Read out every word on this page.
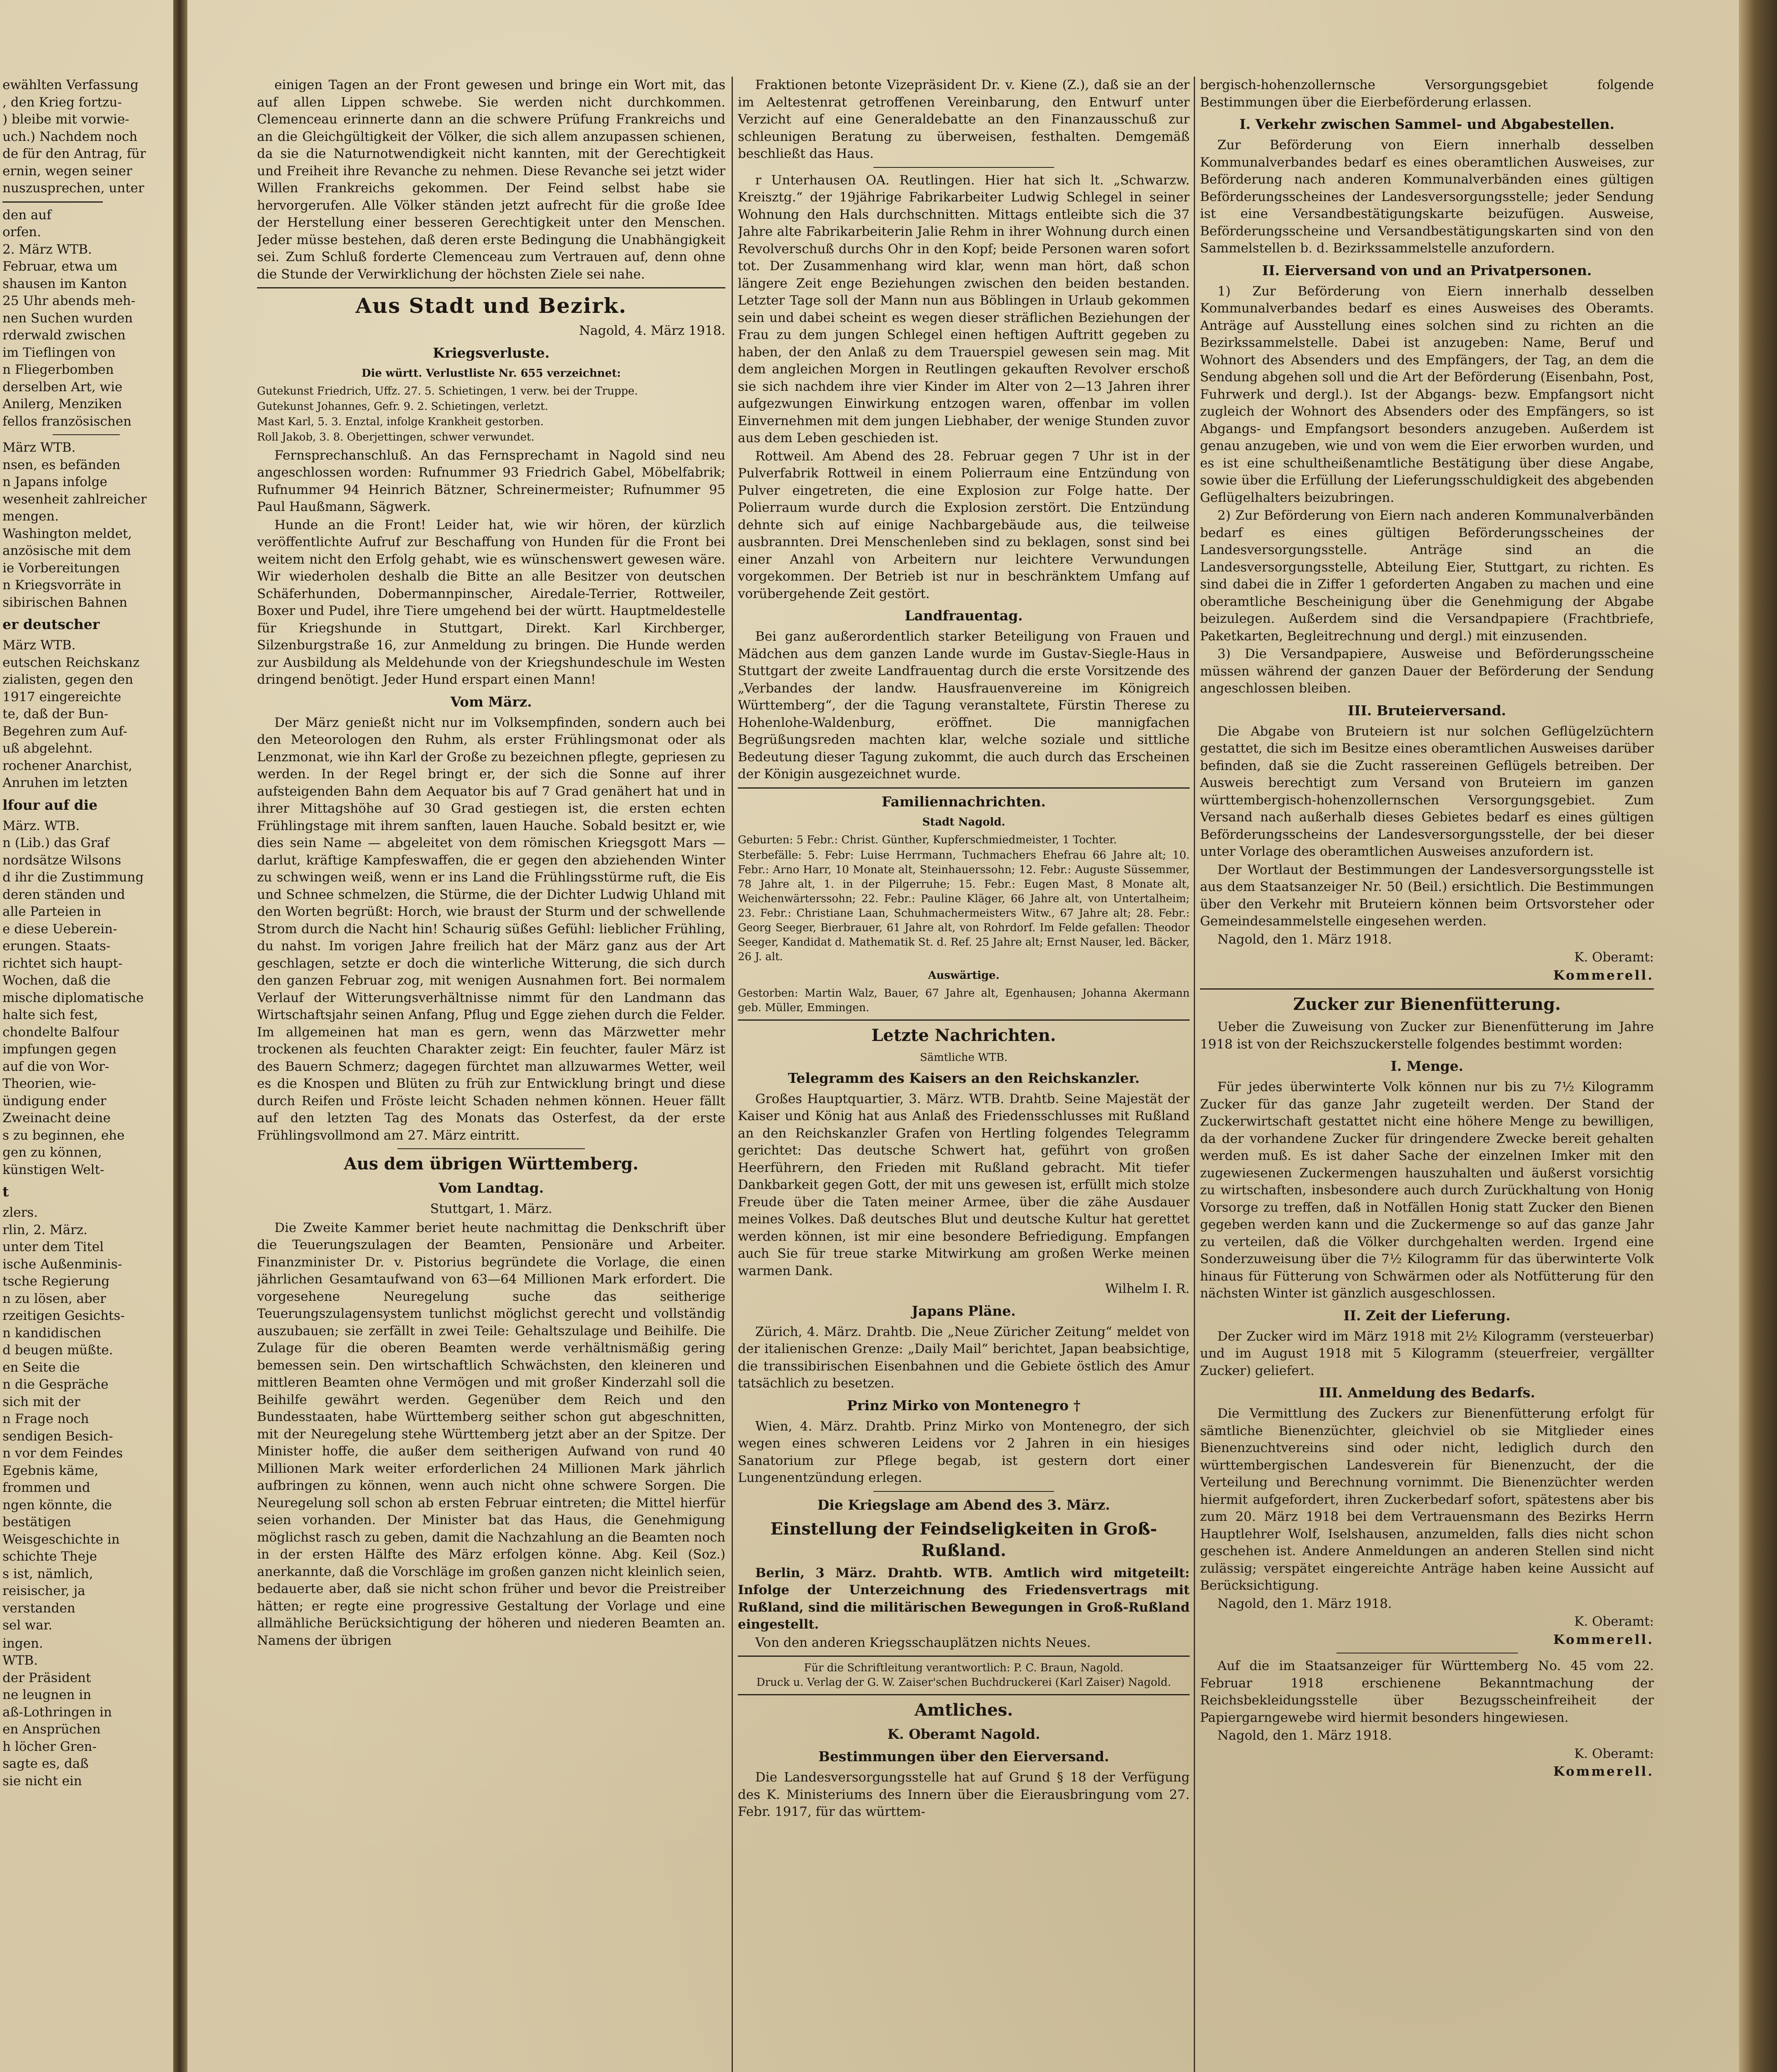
ewählten Verfassung
, den Krieg fortzu-
) bleibe mit vorwie-
uch.) Nachdem noch
de für den Antrag, für
ernin, wegen seiner
nuszusprechen, unter

den auf
orfen.
2. März WTB.
Februar, etwa um
shausen im Kanton
25 Uhr abends meh-
nen Suchen wurden
rderwald zwischen
im Tieflingen von
n Fliegerbomben
derselben Art, wie
Anilerg, Menziken
fellos französischen

März WTB.
nsen, es befänden
n Japans infolge
wesenheit zahlreicher
mengen.
Washington meldet,
anzösische mit dem
ie Vorbereitungen
n Kriegsvorräte in
sibirischen Bahnen

er deutscher

März WTB.
eutschen Reichskanz
zialisten, gegen den
1917 eingereichte
te, daß der Bun-
Begehren zum Auf-
uß abgelehnt.
rochener Anarchist,
Anruhen im letzten

lfour auf die

März. WTB.
n (Lib.) das Graf
nordsätze Wilsons
d ihr die Zustimmung
deren ständen und
alle Parteien in
e diese Ueberein-
erungen. Staats-
richtet sich haupt-
Wochen, daß die
mische diplomatische
halte sich fest,
chondelte Balfour
impfungen gegen
auf die von Wor-
Theorien, wie-
ündigung ender
Zweinacht deine
s zu beginnen, ehe
gen zu können,
künstigen Welt-

t

zlers.
rlin, 2. März.
unter dem Titel
ische Außenminis-
tsche Regierung
n zu lösen, aber
rzeitigen Gesichts-
n kandidischen
d beugen müßte.
en Seite die
n die Gespräche
sich mit der
n Frage noch
sendigen Besich-
n vor dem Feindes
Egebnis käme,
frommen und
ngen könnte, die
bestätigen
Weisgeschichte in
schichte Theje
s ist, nämlich,
reisischer, ja
verstanden
sel war.

ingen.
WTB.
der Präsident
ne leugnen in
aß-Lothringen in
en Ansprüchen
h löcher Gren-
sagte es, daß
sie nicht ein

einigen Tagen an der Front gewesen und bringe ein Wort mit, das auf allen Lippen schwebe. Sie werden nicht durchkommen. Clemenceau erinnerte dann an die schwere Prüfung Frankreichs und an die Gleichgültigkeit der Völker, die sich allem anzupassen schienen, da sie die Naturnotwendigkeit nicht kannten, mit der Gerechtigkeit und Freiheit ihre Revanche zu nehmen. Diese Revanche sei jetzt wider Willen Frankreichs gekommen. Der Feind selbst habe sie hervorgerufen. Alle Völker ständen jetzt aufrecht für die große Idee der Herstellung einer besseren Gerechtigkeit unter den Menschen. Jeder müsse bestehen, daß deren erste Bedingung die Unabhängigkeit sei. Zum Schluß forderte Clemenceau zum Vertrauen auf, denn ohne die Stunde der Verwirklichung der höchsten Ziele sei nahe.

Aus Stadt und Bezirk.

Nagold, 4. März 1918.

Kriegsverluste.

Die württ. Verlustliste Nr. 655 verzeichnet:

Gutekunst Friedrich, Uffz. 27. 5. Schietingen, 1 verw. bei der Truppe.

Gutekunst Johannes, Gefr. 9. 2. Schietingen, verletzt.

Mast Karl, 5. 3. Enztal, infolge Krankheit gestorben.

Roll Jakob, 3. 8. Oberjettingen, schwer verwundet.

Fernsprechanschluß. An das Fernsprechamt in Nagold sind neu angeschlossen worden: Rufnummer 93 Friedrich Gabel, Möbelfabrik; Rufnummer 94 Heinrich Bätzner, Schreinermeister; Rufnummer 95 Paul Haußmann, Sägwerk.

Hunde an die Front! Leider hat, wie wir hören, der kürzlich veröffentlichte Aufruf zur Beschaffung von Hunden für die Front bei weitem nicht den Erfolg gehabt, wie es wünschenswert gewesen wäre. Wir wiederholen deshalb die Bitte an alle Besitzer von deutschen Schäferhunden, Dobermannpinscher, Airedale-Terrier, Rottweiler, Boxer und Pudel, ihre Tiere umgehend bei der württ. Hauptmeldestelle für Kriegshunde in Stuttgart, Direkt. Karl Kirchberger, Silzenburgstraße 16, zur Anmeldung zu bringen. Die Hunde werden zur Ausbildung als Meldehunde von der Kriegshundeschule im Westen dringend benötigt. Jeder Hund erspart einen Mann!

Vom März.

Der März genießt nicht nur im Volksempfinden, sondern auch bei den Meteorologen den Ruhm, als erster Frühlingsmonat oder als Lenzmonat, wie ihn Karl der Große zu bezeichnen pflegte, gepriesen zu werden. In der Regel bringt er, der sich die Sonne auf ihrer aufsteigenden Bahn dem Aequator bis auf 7 Grad genähert hat und in ihrer Mittagshöhe auf 30 Grad gestiegen ist, die ersten echten Frühlingstage mit ihrem sanften, lauen Hauche. Sobald besitzt er, wie dies sein Name — abgeleitet von dem römischen Kriegsgott Mars — darlut, kräftige Kampfeswaffen, die er gegen den abziehenden Winter zu schwingen weiß, wenn er ins Land die Frühlingsstürme ruft, die Eis und Schnee schmelzen, die Stürme, die der Dichter Ludwig Uhland mit den Worten begrüßt: Horch, wie braust der Sturm und der schwellende Strom durch die Nacht hin! Schaurig süßes Gefühl: lieblicher Frühling, du nahst. Im vorigen Jahre freilich hat der März ganz aus der Art geschlagen, setzte er doch die winterliche Witterung, die sich durch den ganzen Februar zog, mit wenigen Ausnahmen fort. Bei normalem Verlauf der Witterungsverhältnisse nimmt für den Landmann das Wirtschaftsjahr seinen Anfang, Pflug und Egge ziehen durch die Felder. Im allgemeinen hat man es gern, wenn das Märzwetter mehr trockenen als feuchten Charakter zeigt: Ein feuchter, fauler März ist des Bauern Schmerz; dagegen fürchtet man allzuwarmes Wetter, weil es die Knospen und Blüten zu früh zur Entwicklung bringt und diese durch Reifen und Fröste leicht Schaden nehmen können. Heuer fällt auf den letzten Tag des Monats das Osterfest, da der erste Frühlingsvollmond am 27. März eintritt.

Aus dem übrigen Württemberg.

Vom Landtag.

Stuttgart, 1. März.

Die Zweite Kammer beriet heute nachmittag die Denkschrift über die Teuerungszulagen der Beamten, Pensionäre und Arbeiter. Finanzminister Dr. v. Pistorius begründete die Vorlage, die einen jährlichen Gesamtaufwand von 63—64 Millionen Mark erfordert. Die vorgesehene Neuregelung suche das seitherige Teuerungszulagensystem tunlichst möglichst gerecht und vollständig auszubauen; sie zerfällt in zwei Teile: Gehaltszulage und Beihilfe. Die Zulage für die oberen Beamten werde verhältnismäßig gering bemessen sein. Den wirtschaftlich Schwächsten, den kleineren und mittleren Beamten ohne Vermögen und mit großer Kinderzahl soll die Beihilfe gewährt werden. Gegenüber dem Reich und den Bundesstaaten, habe Württemberg seither schon gut abgeschnitten, mit der Neuregelung stehe Württemberg jetzt aber an der Spitze. Der Minister hoffe, die außer dem seitherigen Aufwand von rund 40 Millionen Mark weiter erforderlichen 24 Millionen Mark jährlich aufbringen zu können, wenn auch nicht ohne schwere Sorgen. Die Neuregelung soll schon ab ersten Februar eintreten; die Mittel hierfür seien vorhanden. Der Minister bat das Haus, die Genehmigung möglichst rasch zu geben, damit die Nachzahlung an die Beamten noch in der ersten Hälfte des März erfolgen könne. Abg. Keil (Soz.) anerkannte, daß die Vorschläge im großen ganzen nicht kleinlich seien, bedauerte aber, daß sie nicht schon früher und bevor die Preistreiber hätten; er regte eine progressive Gestaltung der Vorlage und eine allmähliche Berücksichtigung der höheren und niederen Beamten an. Namens der übrigen

Fraktionen betonte Vizepräsident Dr. v. Kiene (Z.), daß sie an der im Aeltestenrat getroffenen Vereinbarung, den Entwurf unter Verzicht auf eine Generaldebatte an den Finanzausschuß zur schleunigen Beratung zu überweisen, festhalten. Demgemäß beschließt das Haus.

r Unterhausen OA. Reutlingen. Hier hat sich lt. „Schwarzw. Kreisztg.“ der 19jährige Fabrikarbeiter Ludwig Schlegel in seiner Wohnung den Hals durchschnitten. Mittags entleibte sich die 37 Jahre alte Fabrikarbeiterin Jalie Rehm in ihrer Wohnung durch einen Revolverschuß durchs Ohr in den Kopf; beide Personen waren sofort tot. Der Zusammenhang wird klar, wenn man hört, daß schon längere Zeit enge Beziehungen zwischen den beiden bestanden. Letzter Tage soll der Mann nun aus Böblingen in Urlaub gekommen sein und dabei scheint es wegen dieser sträflichen Beziehungen der Frau zu dem jungen Schlegel einen heftigen Auftritt gegeben zu haben, der den Anlaß zu dem Trauerspiel gewesen sein mag. Mit dem angleichen Morgen in Reutlingen gekauften Revolver erschoß sie sich nachdem ihre vier Kinder im Alter von 2—13 Jahren ihrer aufgezwungen Einwirkung entzogen waren, offenbar im vollen Einvernehmen mit dem jungen Liebhaber, der wenige Stunden zuvor aus dem Leben geschieden ist.

Rottweil. Am Abend des 28. Februar gegen 7 Uhr ist in der Pulverfabrik Rottweil in einem Polierraum eine Entzündung von Pulver eingetreten, die eine Explosion zur Folge hatte. Der Polierraum wurde durch die Explosion zerstört. Die Entzündung dehnte sich auf einige Nachbargebäude aus, die teilweise ausbrannten. Drei Menschenleben sind zu beklagen, sonst sind bei einer Anzahl von Arbeitern nur leichtere Verwundungen vorgekommen. Der Betrieb ist nur in beschränktem Umfang auf vorübergehende Zeit gestört.

Landfrauentag.

Bei ganz außerordentlich starker Beteiligung von Frauen und Mädchen aus dem ganzen Lande wurde im Gustav-Siegle-Haus in Stuttgart der zweite Landfrauentag durch die erste Vorsitzende des „Verbandes der landw. Hausfrauenvereine im Königreich Württemberg“, der die Tagung veranstaltete, Fürstin Therese zu Hohenlohe-Waldenburg, eröffnet. Die mannigfachen Begrüßungsreden machten klar, welche soziale und sittliche Bedeutung dieser Tagung zukommt, die auch durch das Erscheinen der Königin ausgezeichnet wurde.

Familiennachrichten.

Stadt Nagold.

Geburten: 5 Febr.: Christ. Günther, Kupferschmiedmeister, 1 Tochter.

Sterbefälle: 5. Febr: Luise Herrmann, Tuchmachers Ehefrau 66 Jahre alt; 10. Febr.: Arno Harr, 10 Monate alt, Steinhauerssohn; 12. Febr.: Auguste Süssemmer, 78 Jahre alt, 1. in der Pilgerruhe; 15. Febr.: Eugen Mast, 8 Monate alt, Weichenwärterssohn; 22. Febr.: Pauline Kläger, 66 Jahre alt, von Untertalheim; 23. Febr.: Christiane Laan, Schuhmachermeisters Witw., 67 Jahre alt; 28. Febr.: Georg Seeger, Bierbrauer, 61 Jahre alt, von Rohrdorf. Im Felde gefallen: Theodor Seeger, Kandidat d. Mathematik St. d. Ref. 25 Jahre alt; Ernst Nauser, led. Bäcker, 26 J. alt.

Auswärtige.

Gestorben: Martin Walz, Bauer, 67 Jahre alt, Egenhausen; Johanna Akermann geb. Müller, Emmingen.

Letzte Nachrichten.

Sämtliche WTB.

Telegramm des Kaisers an den Reichskanzler.

Großes Hauptquartier, 3. März. WTB. Drahtb. Seine Majestät der Kaiser und König hat aus Anlaß des Friedensschlusses mit Rußland an den Reichskanzler Grafen von Hertling folgendes Telegramm gerichtet: Das deutsche Schwert hat, geführt von großen Heerführern, den Frieden mit Rußland gebracht. Mit tiefer Dankbarkeit gegen Gott, der mit uns gewesen ist, erfüllt mich stolze Freude über die Taten meiner Armee, über die zähe Ausdauer meines Volkes. Daß deutsches Blut und deutsche Kultur hat gerettet werden können, ist mir eine besondere Befriedigung. Empfangen auch Sie für treue starke Mitwirkung am großen Werke meinen warmen Dank.

Wilhelm I. R.

Japans Pläne.

Zürich, 4. März. Drahtb. Die „Neue Züricher Zeitung“ meldet von der italienischen Grenze: „Daily Mail“ berichtet, Japan beabsichtige, die transsibirischen Eisenbahnen und die Gebiete östlich des Amur tatsächlich zu besetzen.

Prinz Mirko von Montenegro †

Wien, 4. März. Drahtb. Prinz Mirko von Montenegro, der sich wegen eines schweren Leidens vor 2 Jahren in ein hiesiges Sanatorium zur Pflege begab, ist gestern dort einer Lungenentzündung erlegen.

Die Kriegslage am Abend des 3. März.

Einstellung der Feindseligkeiten in Groß-Rußland.

Berlin, 3 März. Drahtb. WTB. Amtlich wird mitgeteilt: Infolge der Unterzeichnung des Friedensvertrags mit Rußland, sind die militärischen Bewegungen in Groß-Rußland eingestellt.

Von den anderen Kriegsschauplätzen nichts Neues.

Für die Schriftleitung verantwortlich: P. C. Braun, Nagold.

Druck u. Verlag der G. W. Zaiser'schen Buchdruckerei (Karl Zaiser) Nagold.

Amtliches.

K. Oberamt Nagold.

Bestimmungen über den Eierversand.

Die Landesversorgungsstelle hat auf Grund § 18 der Verfügung des K. Ministeriums des Innern über die Eierausbringung vom 27. Febr. 1917, für das württem-

bergisch-hohenzollernsche Versorgungsgebiet folgende Bestimmungen über die Eierbeförderung erlassen.

I. Verkehr zwischen Sammel- und Abgabestellen.

Zur Beförderung von Eiern innerhalb desselben Kommunalverbandes bedarf es eines oberamtlichen Ausweises, zur Beförderung nach anderen Kommunalverbänden eines gültigen Beförderungsscheines der Landesversorgungsstelle; jeder Sendung ist eine Versandbestätigungskarte beizufügen. Ausweise, Beförderungsscheine und Versandbestätigungskarten sind von den Sammelstellen b. d. Bezirkssammelstelle anzufordern.

II. Eierversand von und an Privatpersonen.

1) Zur Beförderung von Eiern innerhalb desselben Kommunalverbandes bedarf es eines Ausweises des Oberamts. Anträge auf Ausstellung eines solchen sind zu richten an die Bezirkssammelstelle. Dabei ist anzugeben: Name, Beruf und Wohnort des Absenders und des Empfängers, der Tag, an dem die Sendung abgehen soll und die Art der Beförderung (Eisenbahn, Post, Fuhrwerk und dergl.). Ist der Abgangs- bezw. Empfangsort nicht zugleich der Wohnort des Absenders oder des Empfängers, so ist Abgangs- und Empfangsort besonders anzugeben. Außerdem ist genau anzugeben, wie und von wem die Eier erworben wurden, und es ist eine schultheißenamtliche Bestätigung über diese Angabe, sowie über die Erfüllung der Lieferungsschuldigkeit des abgebenden Geflügelhalters beizubringen.

2) Zur Beförderung von Eiern nach anderen Kommunalverbänden bedarf es eines gültigen Beförderungsscheines der Landesversorgungsstelle. Anträge sind an die Landesversorgungsstelle, Abteilung Eier, Stuttgart, zu richten. Es sind dabei die in Ziffer 1 geforderten Angaben zu machen und eine oberamtliche Bescheinigung über die Genehmigung der Abgabe beizulegen. Außerdem sind die Versandpapiere (Frachtbriefe, Paketkarten, Begleitrechnung und dergl.) mit einzusenden.

3) Die Versandpapiere, Ausweise und Beförderungsscheine müssen während der ganzen Dauer der Beförderung der Sendung angeschlossen bleiben.

III. Bruteierversand.

Die Abgabe von Bruteiern ist nur solchen Geflügelzüchtern gestattet, die sich im Besitze eines oberamtlichen Ausweises darüber befinden, daß sie die Zucht rassereinen Geflügels betreiben. Der Ausweis berechtigt zum Versand von Bruteiern im ganzen württembergisch-hohenzollernschen Versorgungsgebiet. Zum Versand nach außerhalb dieses Gebietes bedarf es eines gültigen Beförderungsscheins der Landesversorgungsstelle, der bei dieser unter Vorlage des oberamtlichen Ausweises anzufordern ist.

Der Wortlaut der Bestimmungen der Landesversorgungsstelle ist aus dem Staatsanzeiger Nr. 50 (Beil.) ersichtlich. Die Bestimmungen über den Verkehr mit Bruteiern können beim Ortsvorsteher oder Gemeindesammelstelle eingesehen werden.

Nagold, den 1. März 1918.

K. Oberamt:

Kommerell.

Zucker zur Bienenfütterung.

Ueber die Zuweisung von Zucker zur Bienenfütterung im Jahre 1918 ist von der Reichszuckerstelle folgendes bestimmt worden:

I. Menge.

Für jedes überwinterte Volk können nur bis zu 7½ Kilogramm Zucker für das ganze Jahr zugeteilt werden. Der Stand der Zuckerwirtschaft gestattet nicht eine höhere Menge zu bewilligen, da der vorhandene Zucker für dringendere Zwecke bereit gehalten werden muß. Es ist daher Sache der einzelnen Imker mit den zugewiesenen Zuckermengen hauszuhalten und äußerst vorsichtig zu wirtschaften, insbesondere auch durch Zurückhaltung von Honig Vorsorge zu treffen, daß in Notfällen Honig statt Zucker den Bienen gegeben werden kann und die Zuckermenge so auf das ganze Jahr zu verteilen, daß die Völker durchgehalten werden. Irgend eine Sonderzuweisung über die 7½ Kilogramm für das überwinterte Volk hinaus für Fütterung von Schwärmen oder als Notfütterung für den nächsten Winter ist gänzlich ausgeschlossen.

II. Zeit der Lieferung.

Der Zucker wird im März 1918 mit 2½ Kilogramm (versteuerbar) und im August 1918 mit 5 Kilogramm (steuerfreier, vergällter Zucker) geliefert.

III. Anmeldung des Bedarfs.

Die Vermittlung des Zuckers zur Bienenfütterung erfolgt für sämtliche Bienenzüchter, gleichviel ob sie Mitglieder eines Bienenzuchtvereins sind oder nicht, lediglich durch den württembergischen Landesverein für Bienenzucht, der die Verteilung und Berechnung vornimmt. Die Bienenzüchter werden hiermit aufgefordert, ihren Zuckerbedarf sofort, spätestens aber bis zum 20. März 1918 bei dem Vertrauensmann des Bezirks Herrn Hauptlehrer Wolf, Iselshausen, anzumelden, falls dies nicht schon geschehen ist. Andere Anmeldungen an anderen Stellen sind nicht zulässig; verspätet eingereichte Anträge haben keine Aussicht auf Berücksichtigung.

Nagold, den 1. März 1918.

K. Oberamt:

Kommerell.

Auf die im Staatsanzeiger für Württemberg No. 45 vom 22. Februar 1918 erschienene Bekanntmachung der Reichsbekleidungsstelle über Bezugsscheinfreiheit der Papiergarngewebe wird hiermit besonders hingewiesen.

Nagold, den 1. März 1918.

K. Oberamt:

Kommerell.
